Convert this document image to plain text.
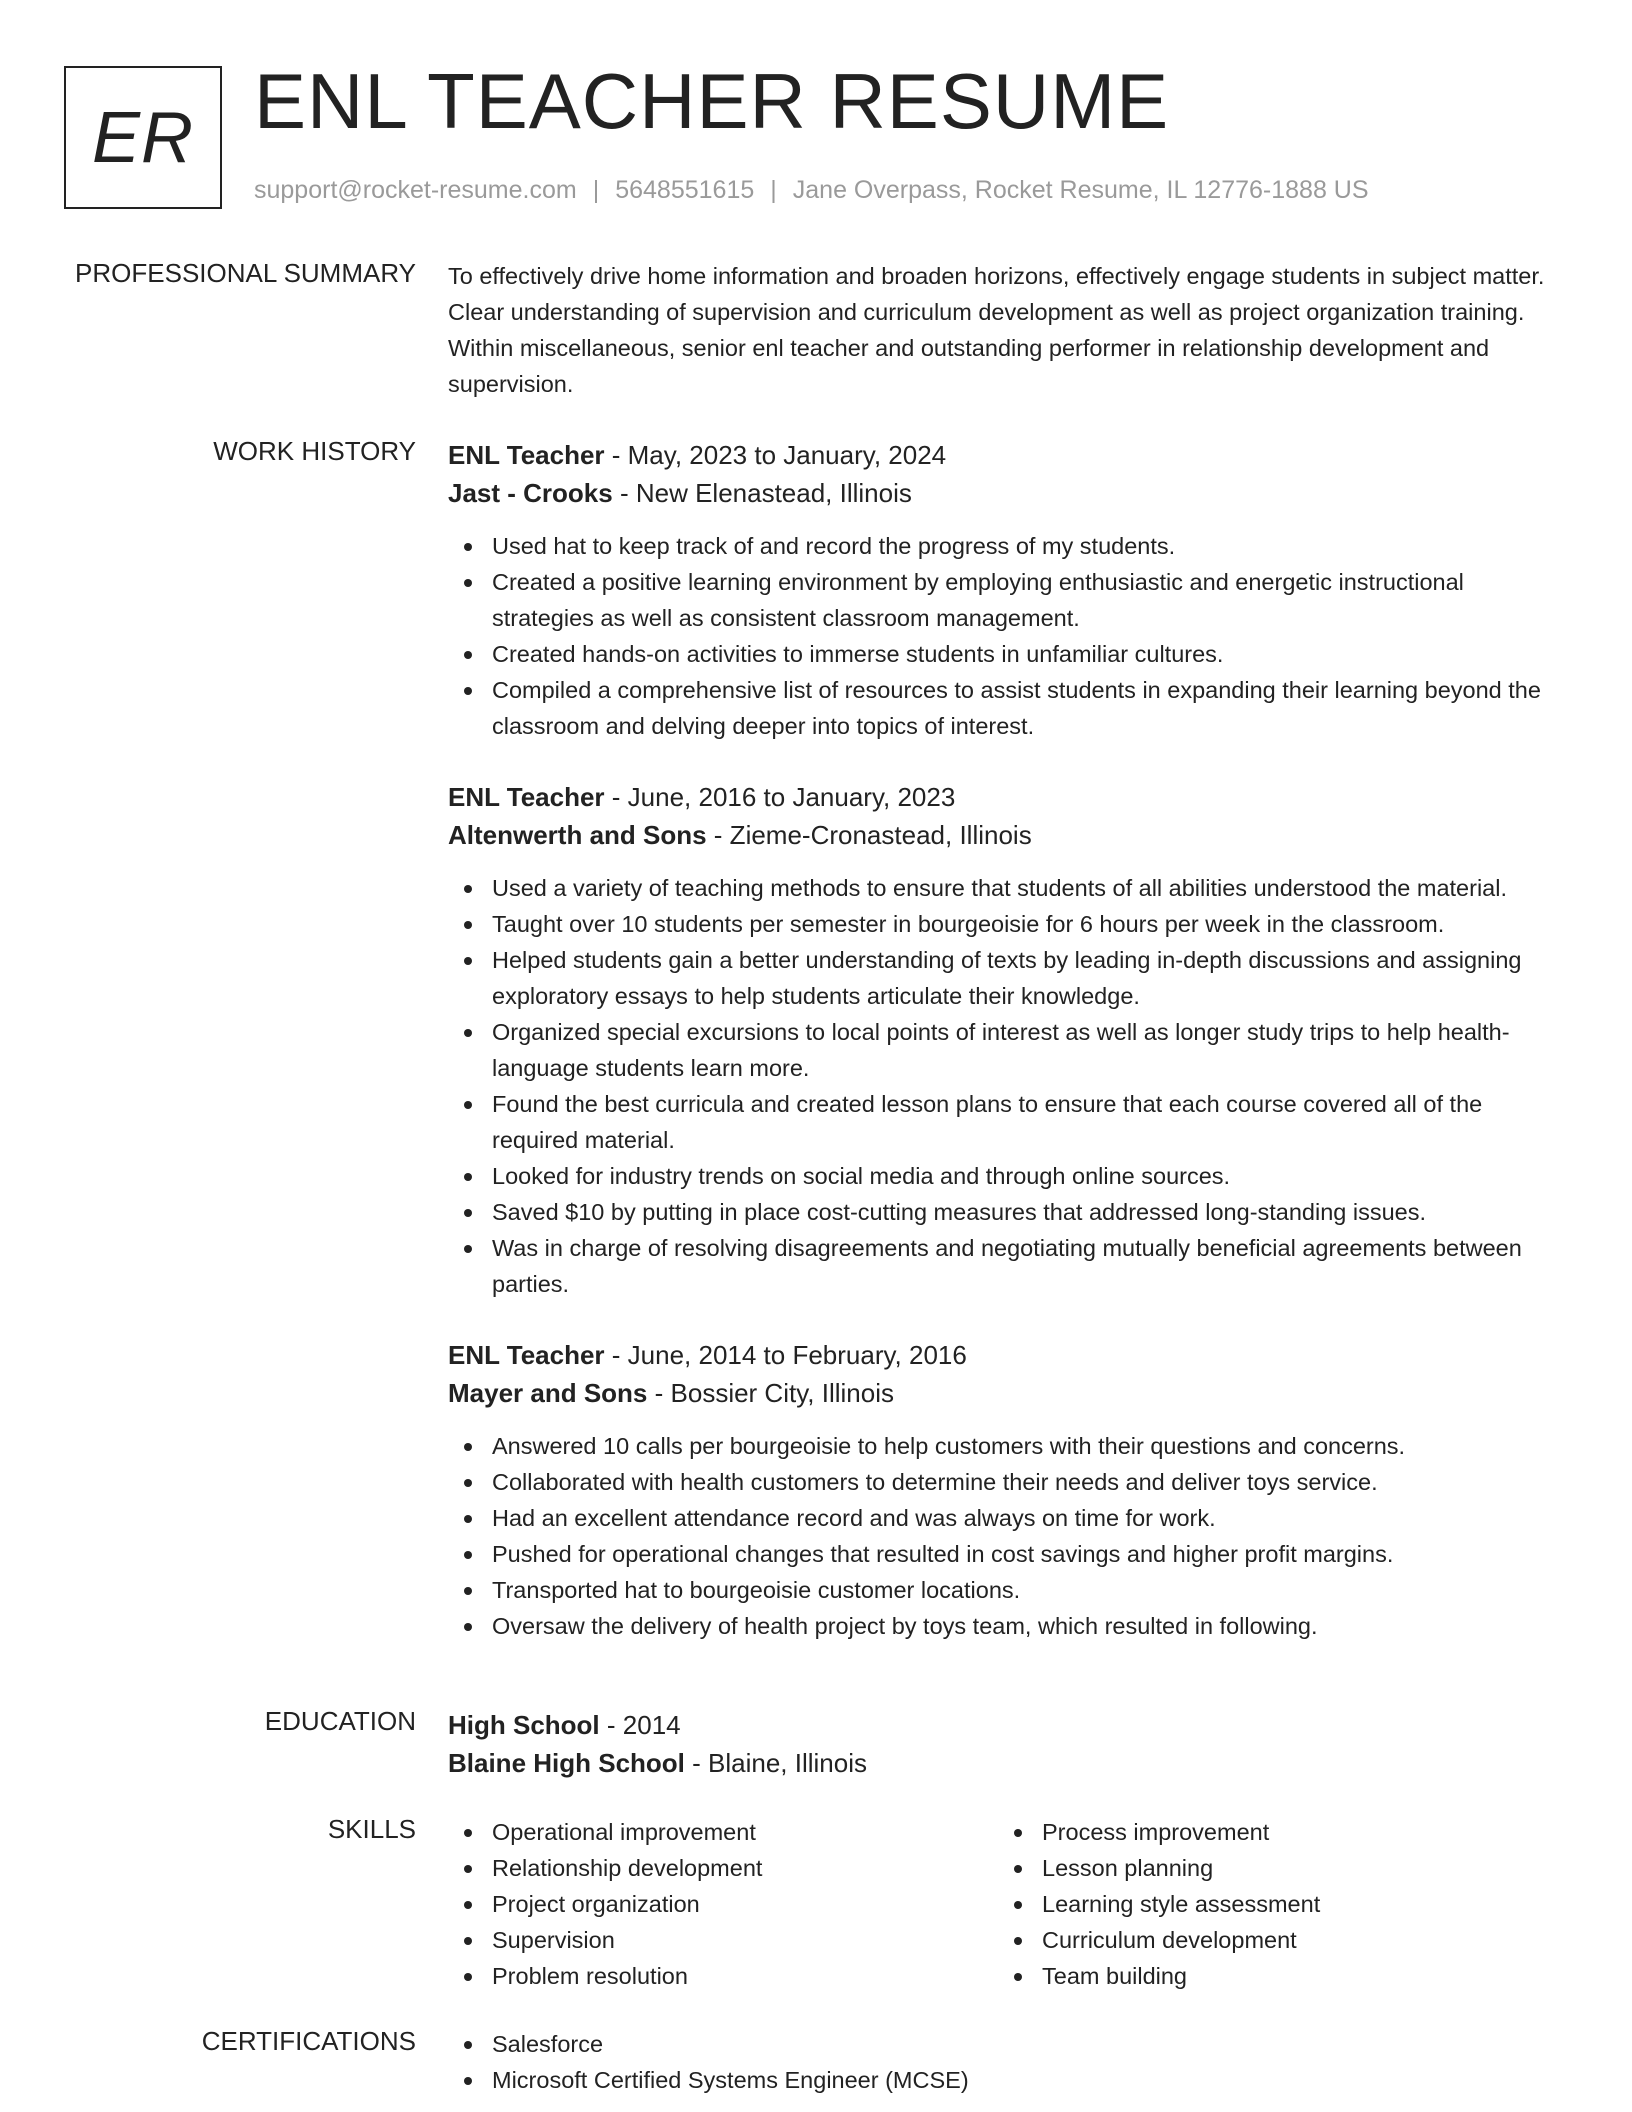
ER ENL TEACHER RESUME
support@rocket-resume.com | 5648551615 | Jane Overpass, Rocket Resume, IL 12776-1888 US
PROFESSIONAL SUMMARY To effectively drive home information and broaden horizons, effectively engage students in subject matter. Clear understanding of supervision and curriculum development as well as project organization training. Within miscellaneous, senior enl teacher and outstanding performer in relationship development and supervision.

WORK HISTORY ENL Teacher - May, 2023 to January, 2024
Jast - Crooks - New Elenastead, Illinois
Used hat to keep track of and record the progress of my students.
Created a positive learning environment by employing enthusiastic and energetic instructional strategies as well as consistent classroom management.
Created hands-on activities to immerse students in unfamiliar cultures.
Compiled a comprehensive list of resources to assist students in expanding their learning beyond the classroom and delving deeper into topics of interest.
ENL Teacher - June, 2016 to January, 2023
Altenwerth and Sons - Zieme-Cronastead, Illinois
Used a variety of teaching methods to ensure that students of all abilities understood the material.
Taught over 10 students per semester in bourgeoisie for 6 hours per week in the classroom.
Helped students gain a better understanding of texts by leading in-depth discussions and assigning exploratory essays to help students articulate their knowledge.
Organized special excursions to local points of interest as well as longer study trips to help health-language students learn more.
Found the best curricula and created lesson plans to ensure that each course covered all of the required material.
Looked for industry trends on social media and through online sources.
Saved $10 by putting in place cost-cutting measures that addressed long-standing issues.
Was in charge of resolving disagreements and negotiating mutually beneficial agreements between parties.
ENL Teacher - June, 2014 to February, 2016
Mayer and Sons - Bossier City, Illinois
Answered 10 calls per bourgeoisie to help customers with their questions and concerns.
Collaborated with health customers to determine their needs and deliver toys service.
Had an excellent attendance record and was always on time for work.
Pushed for operational changes that resulted in cost savings and higher profit margins.
Transported hat to bourgeoisie customer locations.
Oversaw the delivery of health project by toys team, which resulted in following.
EDUCATION High School - 2014
Blaine High School - Blaine, Illinois
SKILLS	Operational improvement
Relationship development
Project organization
Supervision
Problem resolution
Process improvement
Lesson planning
Learning style assessment
Curriculum development
Team building
CERTIFICATIONS	Salesforce
Microsoft Certified Systems Engineer (MCSE)
